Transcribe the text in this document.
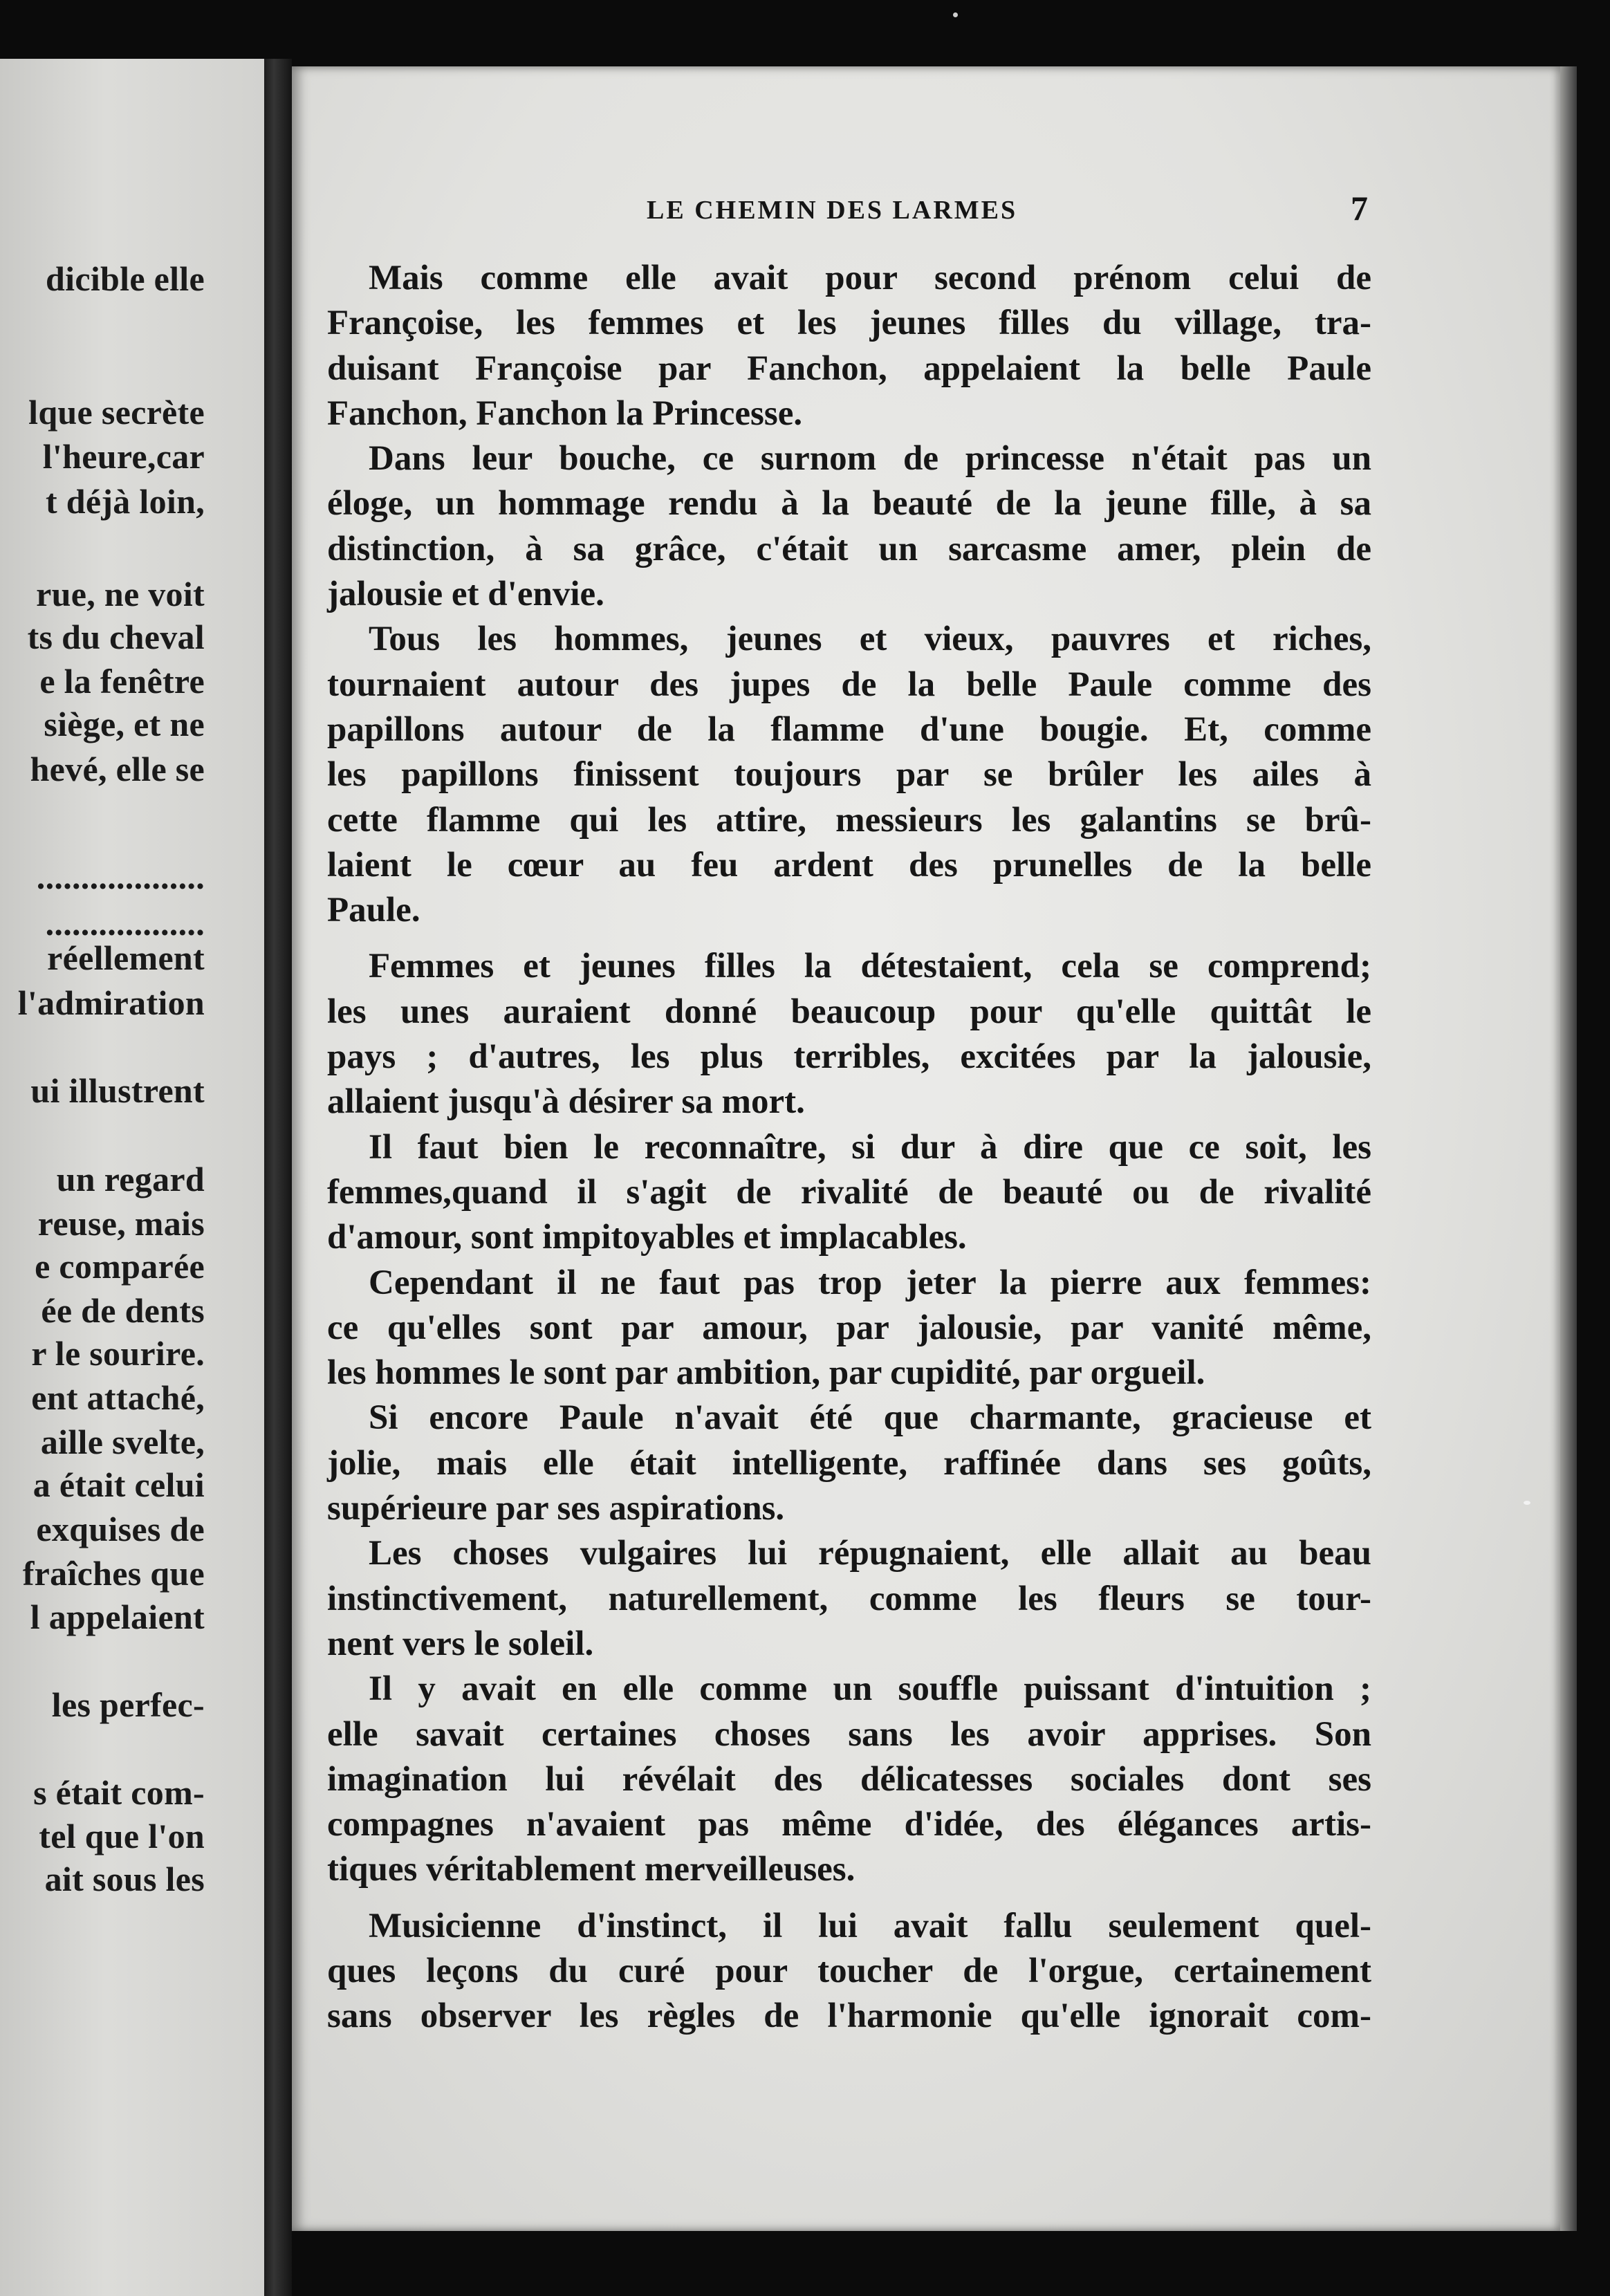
dicible elle
lque secrète
l'heure,car
t déjà loin,
rue, ne voit
ts du cheval
e la fenêtre
siège, et ne
hevé, elle se
...................
..................
réellement
l'admiration
ui illustrent
un regard
reuse, mais
e comparée
ée de dents
r le sourire.
ent attaché,
aille svelte,
a était celui
exquises de
fraîches que
l appelaient
les perfec-
s était com-
tel que l'on
ait sous les
LE CHEMIN DES LARMES	7
Mais comme elle avait pour second prénom celui de
Françoise, les femmes et les jeunes filles du village, tra-
duisant Françoise par Fanchon, appelaient la belle Paule
Fanchon, Fanchon la Princesse.
Dans leur bouche, ce surnom de princesse n'était pas un
éloge, un hommage rendu à la beauté de la jeune fille, à sa
distinction, à sa grâce, c'était un sarcasme amer, plein de
jalousie et d'envie.
Tous les hommes, jeunes et vieux, pauvres et riches,
tournaient autour des jupes de la belle Paule comme des
papillons autour de la flamme d'une bougie. Et, comme
les papillons finissent toujours par se brûler les ailes à
cette flamme qui les attire, messieurs les galantins se brû-
laient le cœur au feu ardent des prunelles de la belle
Paule.
Femmes et jeunes filles la détestaient, cela se comprend;
les unes auraient donné beaucoup pour qu'elle quittât le
pays ; d'autres, les plus terribles, excitées par la jalousie,
allaient jusqu'à désirer sa mort.
Il faut bien le reconnaître, si dur à dire que ce soit, les
femmes,quand il s'agit de rivalité de beauté ou de rivalité
d'amour, sont impitoyables et implacables.
Cependant il ne faut pas trop jeter la pierre aux femmes:
ce qu'elles sont par amour, par jalousie, par vanité même,
les hommes le sont par ambition, par cupidité, par orgueil.
Si encore Paule n'avait été que charmante, gracieuse et
jolie, mais elle était intelligente, raffinée dans ses goûts,
supérieure par ses aspirations.
Les choses vulgaires lui répugnaient, elle allait au beau
instinctivement, naturellement, comme les fleurs se tour-
nent vers le soleil.
Il y avait en elle comme un souffle puissant d'intuition ;
elle savait certaines choses sans les avoir apprises. Son
imagination lui révélait des délicatesses sociales dont ses
compagnes n'avaient pas même d'idée, des élégances artis-
tiques véritablement merveilleuses.
Musicienne d'instinct, il lui avait fallu seulement quel-
ques leçons du curé pour toucher de l'orgue, certainement
sans observer les règles de l'harmonie qu'elle ignorait com-
